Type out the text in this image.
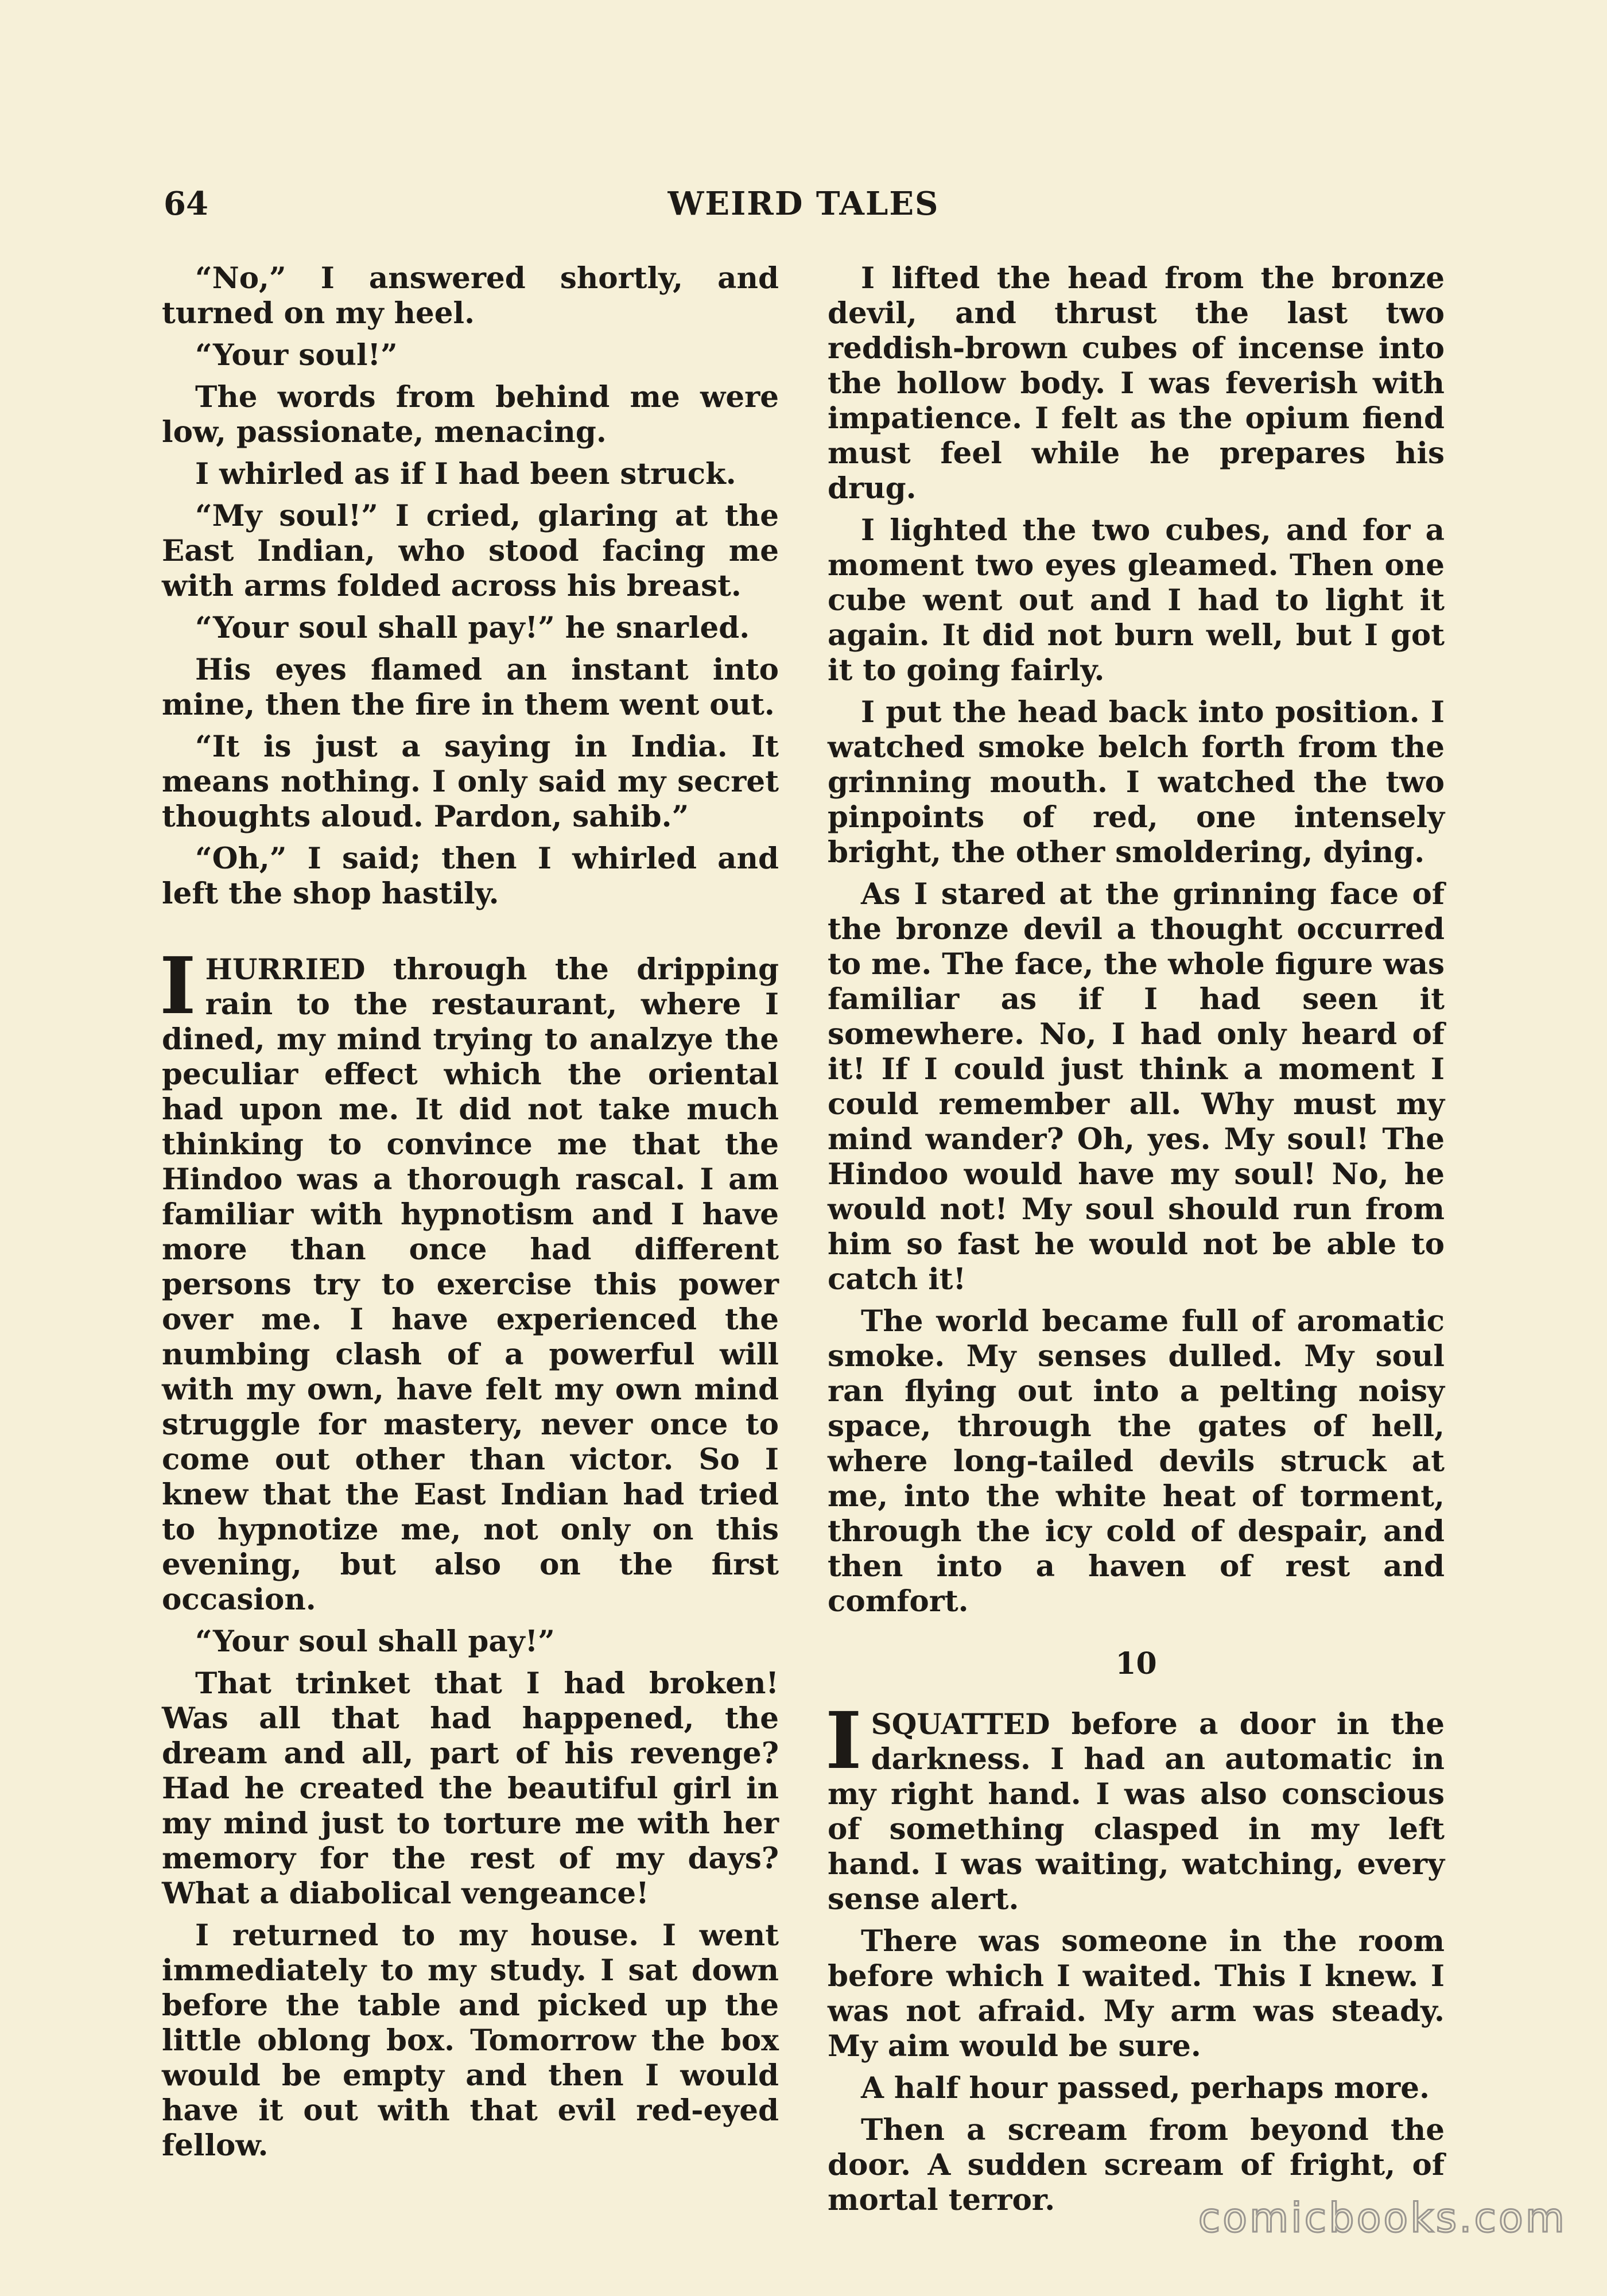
64	WEIRD TALES

“No,” I answered shortly, and turned on my heel.

“Your soul!”

The words from behind me were low, passionate, menacing.

I whirled as if I had been struck.

“My soul!” I cried, glaring at the East Indian, who stood facing me with arms folded across his breast.

“Your soul shall pay!” he snarled.

His eyes flamed an instant into mine, then the fire in them went out.

“It is just a saying in India. It means nothing. I only said my secret thoughts aloud. Pardon, sahib.”

“Oh,” I said; then I whirled and left the shop hastily.

IHURRIED through the dripping rain to the restaurant, where I dined, my mind trying to analzye the peculiar effect which the oriental had upon me. It did not take much thinking to convince me that the Hindoo was a thorough rascal. I am familiar with hypnotism and I have more than once had different persons try to exercise this power over me. I have experienced the numbing clash of a powerful will with my own, have felt my own mind struggle for mastery, never once to come out other than victor. So I knew that the East Indian had tried to hypnotize me, not only on this evening, but also on the first occasion.

“Your soul shall pay!”

That trinket that I had broken! Was all that had happened, the dream and all, part of his revenge? Had he created the beautiful girl in my mind just to torture me with her memory for the rest of my days? What a diabolical vengeance!

I returned to my house. I went immediately to my study. I sat down before the table and picked up the little oblong box. Tomorrow the box would be empty and then I would have it out with that evil red-eyed fellow.

I lifted the head from the bronze devil, and thrust the last two reddish-brown cubes of incense into the hollow body. I was feverish with impatience. I felt as the opium fiend must feel while he prepares his drug.

I lighted the two cubes, and for a moment two eyes gleamed. Then one cube went out and I had to light it again. It did not burn well, but I got it to going fairly.

I put the head back into position. I watched smoke belch forth from the grinning mouth. I watched the two pinpoints of red, one intensely bright, the other smoldering, dying.

As I stared at the grinning face of the bronze devil a thought occurred to me. The face, the whole figure was familiar as if I had seen it somewhere. No, I had only heard of it! If I could just think a moment I could remember all. Why must my mind wander? Oh, yes. My soul! The Hindoo would have my soul! No, he would not! My soul should run from him so fast he would not be able to catch it!

The world became full of aromatic smoke. My senses dulled. My soul ran flying out into a pelting noisy space, through the gates of hell, where long-tailed devils struck at me, into the white heat of torment, through the icy cold of despair, and then into a haven of rest and comfort.

10

ISQUATTED before a door in the darkness. I had an automatic in my right hand. I was also conscious of something clasped in my left hand. I was waiting, watching, every sense alert.

There was someone in the room before which I waited. This I knew. I was not afraid. My arm was steady. My aim would be sure.

A half hour passed, perhaps more.

Then a scream from beyond the door. A sudden scream of fright, of mortal terror.	comicbooks.com
